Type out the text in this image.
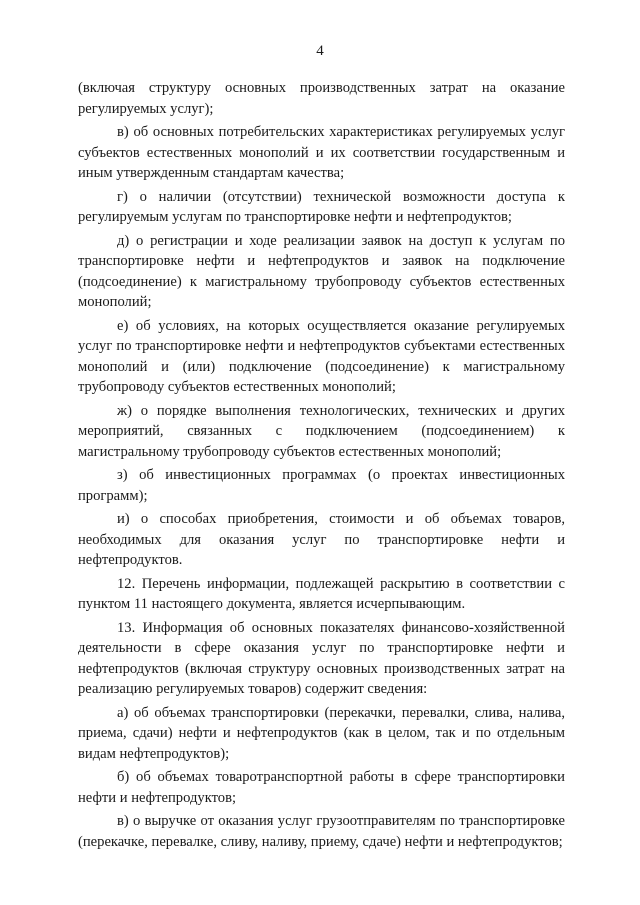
4

(включая структуру основных производственных затрат на оказание регулируемых услуг);

в) об основных потребительских характеристиках регулируемых услуг субъектов естественных монополий и их соответствии государственным и иным утвержденным стандартам качества;

г) о наличии (отсутствии) технической возможности доступа к регулируемым услугам по транспортировке нефти и нефтепродуктов;

д) о регистрации и ходе реализации заявок на доступ к услугам по транспортировке нефти и нефтепродуктов и заявок на подключение (подсоединение) к магистральному трубопроводу субъектов естественных монополий;

е) об условиях, на которых осуществляется оказание регулируемых услуг по транспортировке нефти и нефтепродуктов субъектами естественных монополий и (или) подключение (подсоединение) к магистральному трубопроводу субъектов естественных монополий;

ж) о порядке выполнения технологических, технических и других мероприятий, связанных с подключением (подсоединением) к магистральному трубопроводу субъектов естественных монополий;

з) об инвестиционных программах (о проектах инвестиционных программ);

и) о способах приобретения, стоимости и об объемах товаров, необходимых для оказания услуг по транспортировке нефти и нефтепродуктов.

12. Перечень информации, подлежащей раскрытию в соответствии с пунктом 11 настоящего документа, является исчерпывающим.

13. Информация об основных показателях финансово-хозяйственной деятельности в сфере оказания услуг по транспортировке нефти и нефтепродуктов (включая структуру основных производственных затрат на реализацию регулируемых товаров) содержит сведения:

а) об объемах транспортировки (перекачки, перевалки, слива, налива, приема, сдачи) нефти и нефтепродуктов (как в целом, так и по отдельным видам нефтепродуктов);

б) об объемах товаротранспортной работы в сфере транспортировки нефти и нефтепродуктов;

в) о выручке от оказания услуг грузоотправителям по транспортировке (перекачке, перевалке, сливу, наливу, приему, сдаче) нефти и нефтепродуктов;
